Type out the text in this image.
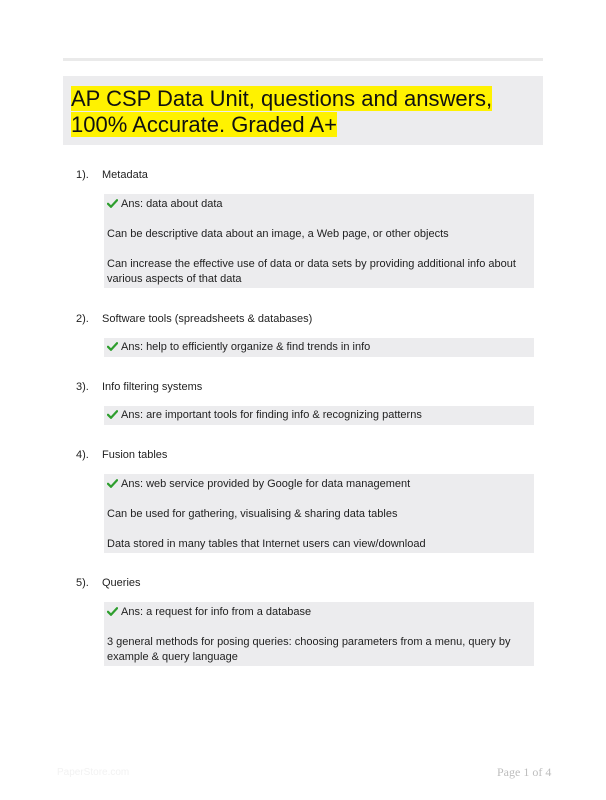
AP CSP Data Unit, questions and answers, 100% Accurate. Graded A+
1). Metadata
Ans: data about data
Can be descriptive data about an image, a Web page, or other objects
Can increase the effective use of data or data sets by providing additional info about
various aspects of that data
2). Software tools (spreadsheets & databases)
Ans: help to efficiently organize & find trends in info
3). Info filtering systems
Ans: are important tools for finding info & recognizing patterns
4). Fusion tables
Ans: web service provided by Google for data management
Can be used for gathering, visualising & sharing data tables
Data stored in many tables that Internet users can view/download
5). Queries
Ans: a request for info from a database
3 general methods for posing queries: choosing parameters from a menu, query by
example & query language
PaperStore.com	Page 1 of 4
